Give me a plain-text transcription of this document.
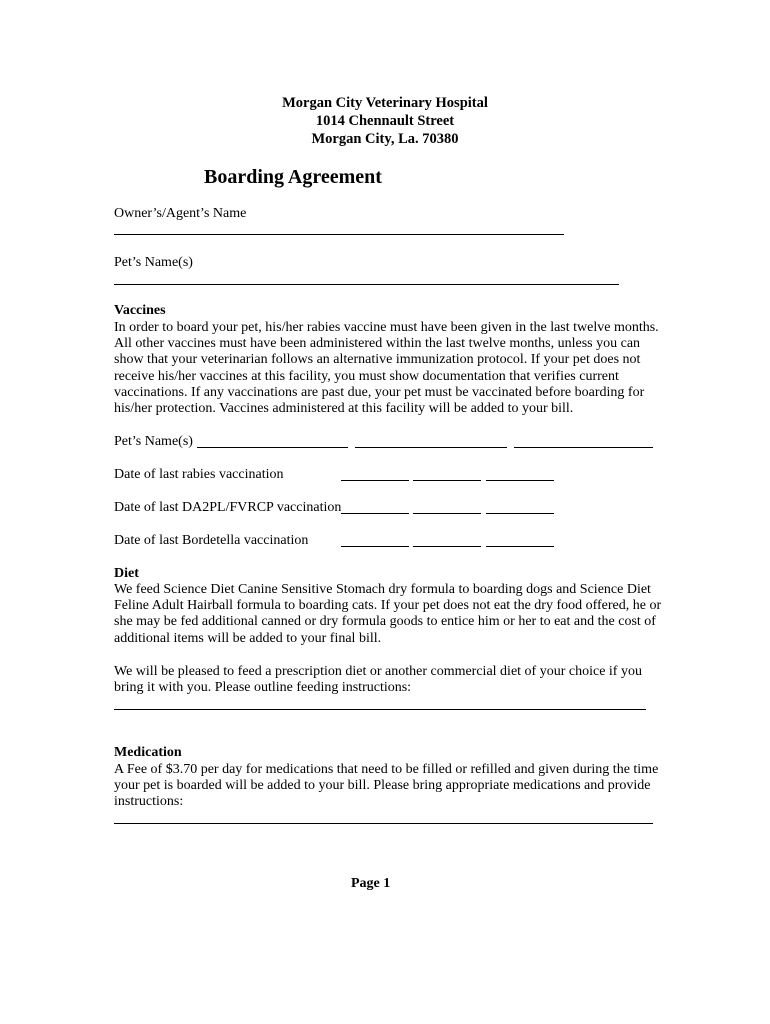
Morgan City Veterinary Hospital
1014 Chennault Street
Morgan City, La. 70380
Boarding Agreement
Owner’s/Agent’s Name
Pet’s Name(s)
Vaccines
In order to board your pet, his/her rabies vaccine must have been given in the last twelve months.
All other vaccines must have been administered within the last twelve months, unless you can
show that your veterinarian follows an alternative immunization protocol. If your pet does not
receive his/her vaccines at this facility, you must show documentation that verifies current
vaccinations. If any vaccinations are past due, your pet must be vaccinated before boarding for
his/her protection. Vaccines administered at this facility will be added to your bill.
Pet’s Name(s)
Date of last rabies vaccination
Date of last DA2PL/FVRCP vaccination
Date of last Bordetella vaccination
Diet
We feed Science Diet Canine Sensitive Stomach dry formula to boarding dogs and Science Diet
Feline Adult Hairball formula to boarding cats. If your pet does not eat the dry food offered, he or
she may be fed additional canned or dry formula goods to entice him or her to eat and the cost of
additional items will be added to your final bill.
We will be pleased to feed a prescription diet or another commercial diet of your choice if you
bring it with you. Please outline feeding instructions:
Medication
A Fee of $3.70 per day for medications that need to be filled or refilled and given during the time
your pet is boarded will be added to your bill. Please bring appropriate medications and provide
instructions:
Page 1
